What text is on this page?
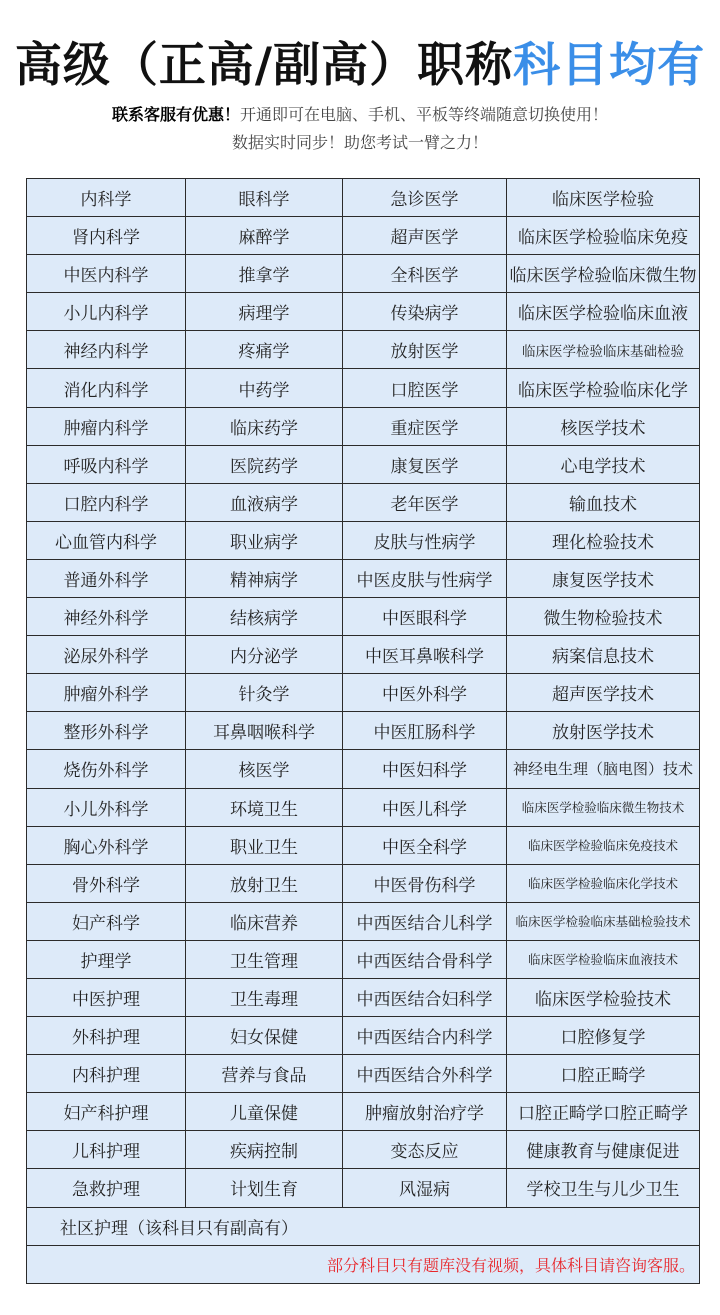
高级（正高/副高）职称科目均有
联系客服有优惠！开通即可在电脑、手机、平板等终端随意切换使用！
数据实时同步！助您考试一臂之力！
内科学	眼科学	急诊医学	临床医学检验
肾内科学	麻醉学	超声医学	临床医学检验临床免疫
中医内科学	推拿学	全科医学	临床医学检验临床微生物
小儿内科学	病理学	传染病学	临床医学检验临床血液
神经内科学	疼痛学	放射医学	临床医学检验临床基础检验
消化内科学	中药学	口腔医学	临床医学检验临床化学
肿瘤内科学	临床药学	重症医学	核医学技术
呼吸内科学	医院药学	康复医学	心电学技术
口腔内科学	血液病学	老年医学	输血技术
心血管内科学	职业病学	皮肤与性病学	理化检验技术
普通外科学	精神病学	中医皮肤与性病学	康复医学技术
神经外科学	结核病学	中医眼科学	微生物检验技术
泌尿外科学	内分泌学	中医耳鼻喉科学	病案信息技术
肿瘤外科学	针灸学	中医外科学	超声医学技术
整形外科学	耳鼻咽喉科学	中医肛肠科学	放射医学技术
烧伤外科学	核医学	中医妇科学	神经电生理（脑电图）技术
小儿外科学	环境卫生	中医儿科学	临床医学检验临床微生物技术
胸心外科学	职业卫生	中医全科学	临床医学检验临床免疫技术
骨外科学	放射卫生	中医骨伤科学	临床医学检验临床化学技术
妇产科学	临床营养	中西医结合儿科学	临床医学检验临床基础检验技术
护理学	卫生管理	中西医结合骨科学	临床医学检验临床血液技术
中医护理	卫生毒理	中西医结合妇科学	临床医学检验技术
外科护理	妇女保健	中西医结合内科学	口腔修复学
内科护理	营养与食品	中西医结合外科学	口腔正畸学
妇产科护理	儿童保健	肿瘤放射治疗学	口腔正畸学口腔正畸学
儿科护理	疾病控制	变态反应	健康教育与健康促进
急救护理	计划生育	风湿病	学校卫生与儿少卫生
社区护理（该科目只有副高有）			
部分科目只有题库没有视频，具体科目请咨询客服。			
